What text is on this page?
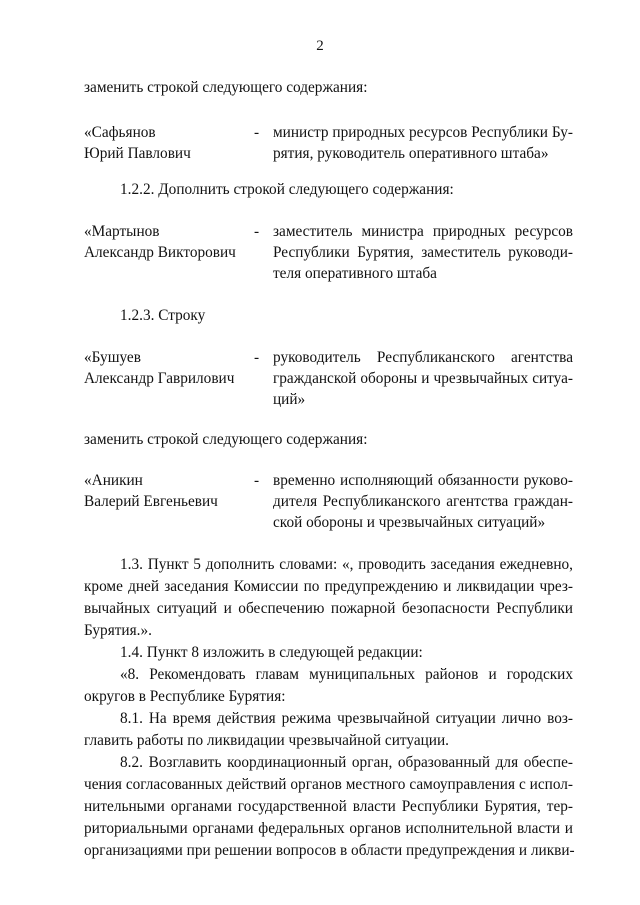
2
заменить строкой следующего содержания:
«Сафьянов
Юрий Павлович
- министр природных ресурсов Республики Бу-
рятия, руководитель оперативного штаба»
1.2.2. Дополнить строкой следующего содержания:
«Мартынов
Александр Викторович
- заместитель министра природных ресурсов
Республики Бурятия, заместитель руководи-
теля оперативного штаба
1.2.3. Строку
«Бушуев
Александр Гаврилович
- руководитель Республиканского агентства
гражданской обороны и чрезвычайных ситуа-
ций»
заменить строкой следующего содержания:
«Аникин
Валерий Евгеньевич
- временно исполняющий обязанности руково-
дителя Республиканского агентства граждан-
ской обороны и чрезвычайных ситуаций»
1.3. Пункт 5 дополнить словами: «, проводить заседания ежедневно,
кроме дней заседания Комиссии по предупреждению и ликвидации чрез-
вычайных ситуаций и обеспечению пожарной безопасности Республики
Бурятия.».
1.4. Пункт 8 изложить в следующей редакции:
«8. Рекомендовать главам муниципальных районов и городских
округов в Республике Бурятия:
8.1. На время действия режима чрезвычайной ситуации лично воз-
главить работы по ликвидации чрезвычайной ситуации.
8.2. Возглавить координационный орган, образованный для обеспе-
чения согласованных действий органов местного самоуправления с испол-
нительными органами государственной власти Республики Бурятия, тер-
риториальными органами федеральных органов исполнительной власти и
организациями при решении вопросов в области предупреждения и ликви-
